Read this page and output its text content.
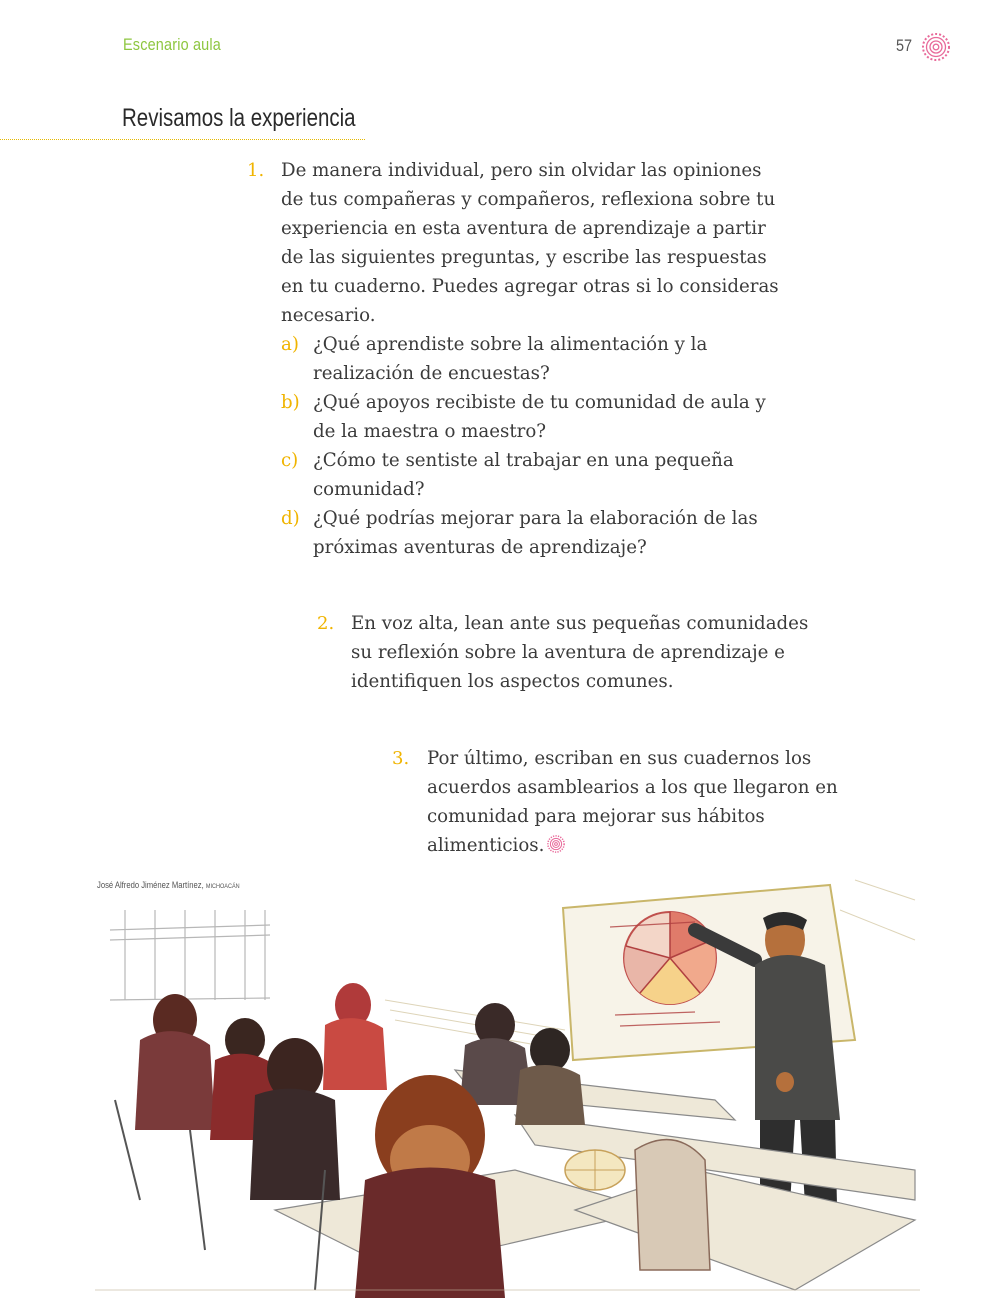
Escenario aula	57
Revisamos la experiencia
1. De manera individual, pero sin olvidar las opiniones de tus compañeras y compañeros, reflexiona sobre tu experiencia en esta aventura de aprendizaje a partir de las siguientes preguntas, y escribe las respuestas en tu cuaderno. Puedes agregar otras si lo consideras necesario.

a) ¿Qué aprendiste sobre la alimentación y la realización de encuestas?
b) ¿Qué apoyos recibiste de tu comunidad de aula y de la maestra o maestro?
c) ¿Cómo te sentiste al trabajar en una pequeña comunidad?
d) ¿Qué podrías mejorar para la elaboración de las próximas aventuras de aprendizaje?
2. En voz alta, lean ante sus pequeñas comunidades su reflexión sobre la aventura de aprendizaje e identifiquen los aspectos comunes.

3. Por último, escriban en sus cuadernos los acuerdos asamblearios a los que llegaron en comunidad para mejorar sus hábitos alimenticios.

José Alfredo Jiménez Martínez, MICHOACÁN
